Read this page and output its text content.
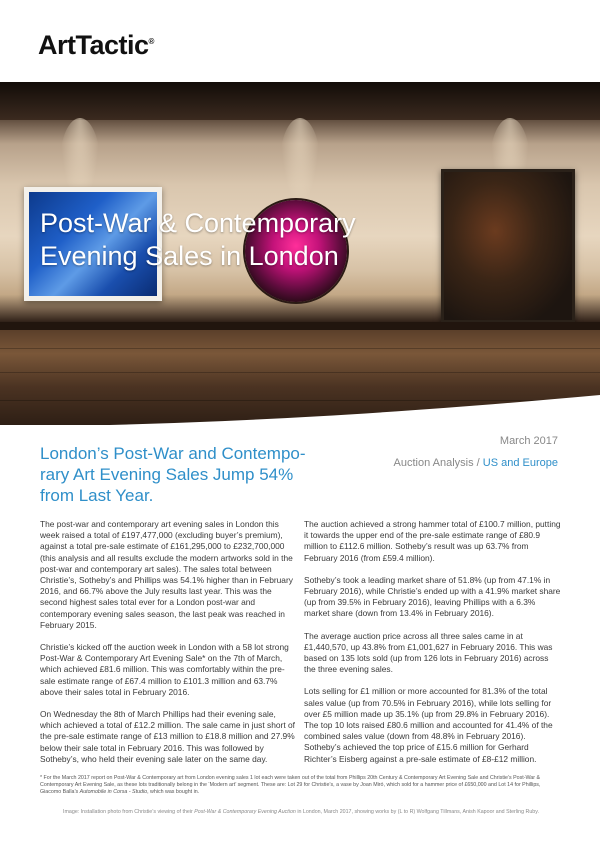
ArtTactic®
Post-War & Contemporary
Evening Sales in London
London’s Post-War and Contempo-rary Art Evening Sales Jump 54% from Last Year.
March 2017
Auction Analysis / US and Europe

The post-war and contemporary art evening sales in London this week raised a total of £197,477,000 (excluding buyer’s premium), against a total pre-sale estimate of £161,295,000 to £232,700,000 (this analysis and all results exclude the modern artworks sold in the post-war and contemporary art sales). The sales total between Christie’s, Sotheby’s and Phillips was 54.1% higher than in February 2016, and 66.7% above the July results last year. This was the second highest sales total ever for a London post-war and contemporary evening sales season, the last peak was reached in February 2015.

Christie’s kicked off the auction week in London with a 58 lot strong Post-War & Contemporary Art Evening Sale* on the 7th of March, which achieved £81.6 million. This was comfortably within the pre-sale estimate range of £67.4 million to £101.3 million and 63.7% above their sales total in February 2016.

On Wednesday the 8th of March Phillips had their evening sale, which achieved a total of £12.2 million. The sale came in just short of the pre-sale estimate range of £13 million to £18.8 million and 27.9% below their sale total in February 2016. This was followed by Sotheby’s, who held their evening sale later on the same day.

The auction achieved a strong hammer total of £100.7 million, putting it towards the upper end of the pre-sale estimate range of £80.9 million to £112.6 million. Sotheby’s result was up 63.7% from February 2016 (from £59.4 million).

Sotheby’s took a leading market share of 51.8% (up from 47.1% in February 2016), while Christie’s ended up with a 41.9% market share (up from 39.5% in February 2016), leaving Phillips with a 6.3% market share (down from 13.4% in February 2016).

The average auction price across all three sales came in at £1,440,570, up 43.8% from £1,001,627 in February 2016. This was based on 135 lots sold (up from 126 lots in February 2016) across the three evening sales.

Lots selling for £1 million or more accounted for 81.3% of the total sales value (up from 70.5% in February 2016), while lots selling for over £5 million made up 35.1% (up from 29.8% in February 2016). The top 10 lots raised £80.6 million and accounted for 41.4% of the combined sales value (down from 48.8% in February 2016). Sotheby’s achieved the top price of £15.6 million for Gerhard Richter’s Eisberg against a pre-sale estimate of £8-£12 million.

* For the March 2017 report on Post-War & Contemporary art from London evening sales 1 lot each were taken out of the total from Phillips 20th Century & Contemporary Art Evening Sale and Christie’s Post-War & Contemporary Art Evening Sale, as these lots traditionally belong in the ‘Modern art’ segment. These are: Lot 29 for Christie’s, a vase by Joan Miró, which sold for a hammer price of £650,000 and Lot 14 for Phillips, Giacomo Balla’s Automobile in Corsa - Studio, which was bought in.
Image: Installation photo from Christie’s viewing of their Post-War & Contemporary Evening Auction in London, March 2017, showing works by (L to R) Wolfgang Tillmans, Anish Kapoor and Sterling Ruby.
